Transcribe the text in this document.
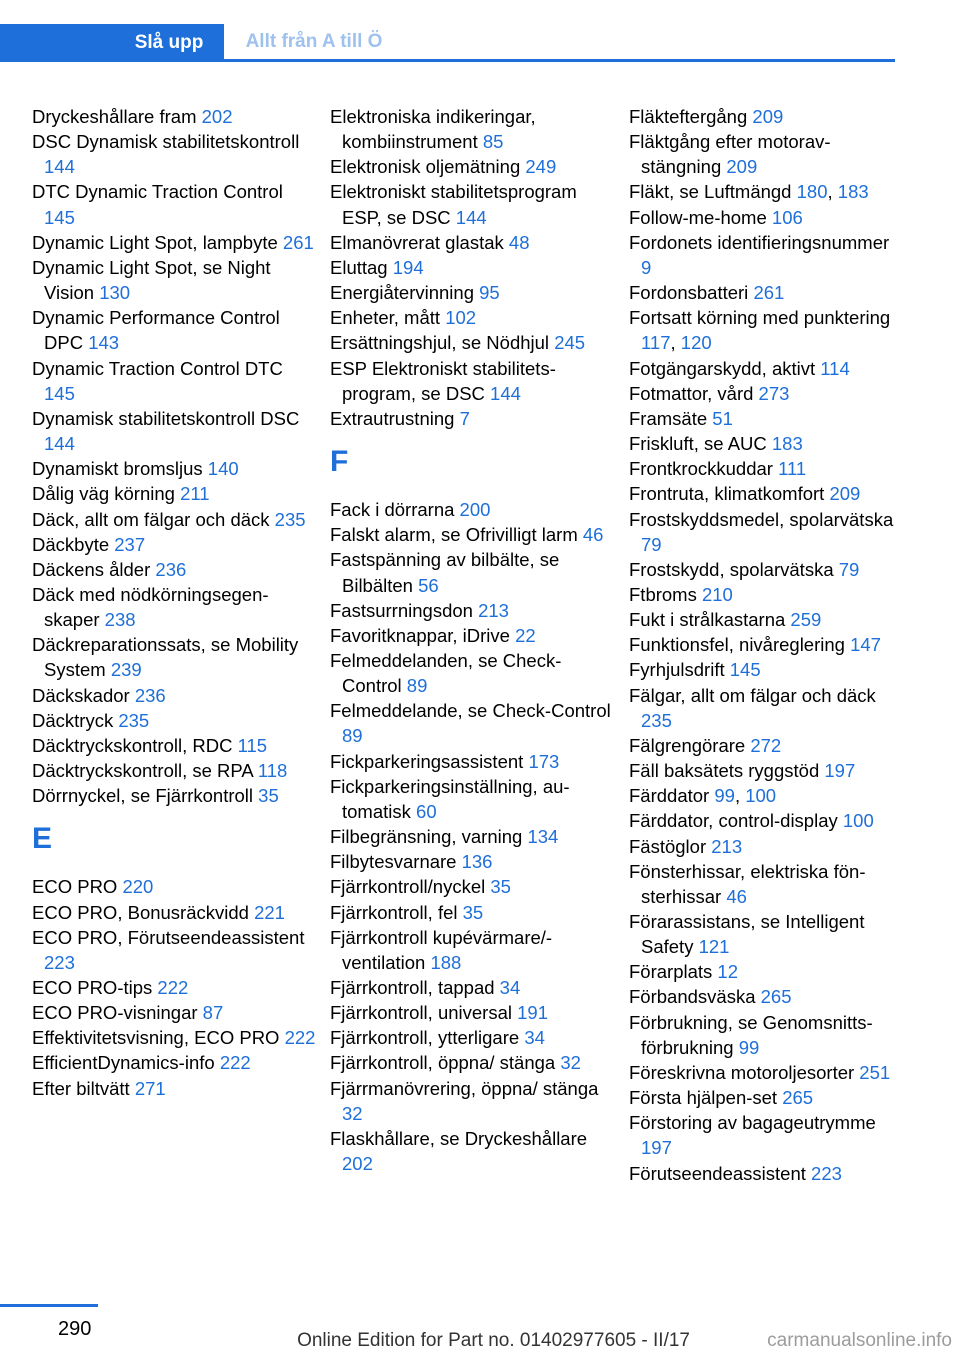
Slå upp	Allt från A till Ö
Dryckeshållare fram 202
DSC Dynamisk stabilitetskontroll 144
DTC Dynamic Traction Control 145
Dynamic Light Spot, lampbyte 261
Dynamic Light Spot, se Night Vision 130
Dynamic Performance Control DPC 143
Dynamic Traction Control DTC 145
Dynamisk stabilitetskontroll DSC 144
Dynamiskt bromsljus 140
Dålig väg körning 211
Däck, allt om fälgar och däck 235
Däckbyte 237
Däckens ålder 236
Däck med nödkörningsegenskaper 238
Däckreparationssats, se Mobility System 239
Däckskador 236
Däcktryck 235
Däcktryckskontroll, RDC 115
Däcktryckskontroll, se RPA 118
Dörrnyckel, se Fjärrkontroll 35
E
ECO PRO 220
ECO PRO, Bonusräckvidd 221
ECO PRO, Förutseendeassistent 223
ECO PRO-tips 222
ECO PRO-visningar 87
Effektivitetsvisning, ECO PRO 222
EfficientDynamics-info 222
Efter biltvätt 271
Elektroniska indikeringar, kombiinstrument 85
Elektronisk oljemätning 249
Elektroniskt stabilitetsprogram ESP, se DSC 144
Elmanövrerat glastak 48
Eluttag 194
Energiåtervinning 95
Enheter, mått 102
Ersättningshjul, se Nödhjul 245
ESP Elektroniskt stabilitetsprogram, se DSC 144
Extrautrustning 7
F
Fack i dörrarna 200
Falskt alarm, se Ofrivilligt larm 46
Fastspänning av bilbälte, se Bilbälten 56
Fastsurrningsdon 213
Favoritknappar, iDrive 22
Felmeddelanden, se Check-Control 89
Felmeddelande, se Check-Control 89
Fickparkeringsassistent 173
Fickparkeringsinställning, automatisk 60
Filbegränsning, varning 134
Filbytesvarnare 136
Fjärrkontroll/nyckel 35
Fjärrkontroll, fel 35
Fjärrkontroll kupévärmare/ventilation 188
Fjärrkontroll, tappad 34
Fjärrkontroll, universal 191
Fjärrkontroll, ytterligare 34
Fjärrkontroll, öppna/ stänga 32
Fjärrmanövrering, öppna/ stänga 32
Flaskhållare, se Dryckeshållare 202
Fläkteftergång 209
Fläktgång efter motoravstängning 209
Fläkt, se Luftmängd 180, 183
Follow-me-home 106
Fordonets identifieringsnummer 9
Fordonsbatteri 261
Fortsatt körning med punktering 117, 120
Fotgängarskydd, aktivt 114
Fotmattor, vård 273
Framsäte 51
Friskluft, se AUC 183
Frontkrockkuddar 111
Frontruta, klimatkomfort 209
Frostskyddsmedel, spolarvätska 79
Frostskydd, spolarvätska 79
Ftbroms 210
Fukt i strålkastarna 259
Funktionsfel, nivåreglering 147
Fyrhjulsdrift 145
Fälgar, allt om fälgar och däck 235
Fälgrengörare 272
Fäll baksätets ryggstöd 197
Färddator 99, 100
Färddator, control-display 100
Fästöglor 213
Fönsterhissar, elektriska fönsterhissar 46
Förarassistans, se Intelligent Safety 121
Förarplats 12
Förbandsväska 265
Förbrukning, se Genomsnittsförbrukning 99
Föreskrivna motoroljesorter 251
Första hjälpen-set 265
Förstoring av bagageutrymme 197
Förutseendeassistent 223
290
Online Edition for Part no. 01402977605 - II/17	carmanualsonline.info
